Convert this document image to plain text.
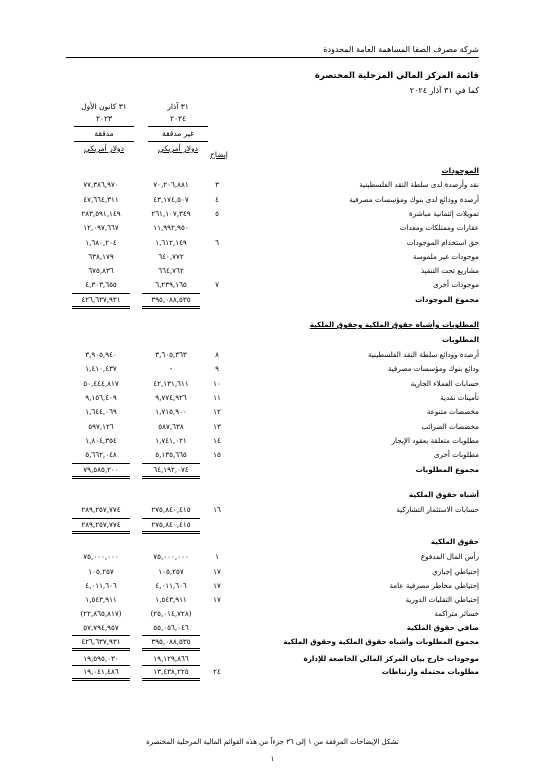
شركة مصرف الصفا المساهمة العامة المحدودة
قائمة المركز المالي المرحلية المختصرة
كما في ٣١ آذار ٢٠٢٤
٣١ آذار
٢٠٢٤
غير مدققة
دولار أمريكي
٣١ كانون الأول
٢٠٢٣
مدققة
دولار أمريكي
إيضاح
الموجودات
نقد وأرصدة لدى سلطة النقد الفلسطينية
٣
٧٠,٢٠٦,٨٨١
٧٧,٣٨٦,٩٧٠
أرصدة وودائع لدى بنوك ومؤسسات مصرفية
٤
٤٣,١٧٤,٥٠٧
٤٧,٦٦٤,٣١١
تمويلات إئتمانية مباشرة
٥
٢٦١,١٠٧,٣٤٩
٢٨٣,٥٩١,١٤٩
عقارات وممتلكات ومعدات
١١,٩٩٢,٩٥٠
١٢,٠٩٧,٦٦٧
حق استخدام الموجودات
٦
١,٦١٢,١٤٩
١,٦٨٠,٢٠٤
موجودات غير ملموسة
٦٤٠,٧٧٢
٦٣٨,١٧٩
مشاريع تحت التنفيذ
٦٦٤,٧٦٢
٦٧٥,٨٣٦
موجودات أخرى
٧
٦,٢٣٩,١٦٥
٤,٣٠٣,٦٥٥
مجموع الموجودات
٣٩٥,٠٨٨,٥٣٥
٤٢٦,٦٣٧,٩٣١
المطلوبات وأشباه حقوق الملكية وحقوق الملكية
المطلوبات
أرصدة وودائع سلطة النقد الفلسطينية
٨
٣,٦٠٥,٣٦٣
٣,٩٠٥,٩٤٠
ودائع بنوك ومؤسسات مصرفية
٩
-
١,٤١٠,٤٣٧
حسابات العملاء الجارية
١٠
٤٢,١٣١,٦١١
٥٠,٤٤٤,٨١٧
تأمينات نقدية
١١
٩,٧٧٤,٩٢٦
٩,١٥٦,٤٠٩
مخصصات متنوعة
١٢
١,٧١٥,٩٠٠
١,٦٤٤,٠٦٩
مخصصات الضرائب
١٣
٥٨٧,٦٣٨
٥٩٧,١٢٦
مطلوبات متعلقة بعقود الإيجار
١٤
١,٧٤١,٠٢١
١,٨٠٤,٣٥٤
مطلوبات أخرى
١٥
٥,١٣٥,٦٦٥
٥,٦٦٢,٠٤٨
مجموع المطلوبات
٦٤,١٩٢,٠٧٤
٧٩,٥٨٥,٢٠٠
أشباه حقوق الملكية
حسابات الاستثمار التشاركية
١٦
٢٧٥,٨٤٠,٤١٥
٢٨٩,٢٥٧,٧٧٤
٢٧٥,٨٤٠,٤١٥
٢٨٩,٢٥٧,٧٧٤
حقوق الملكية
رأس المال المدفوع
١
٧٥,٠٠٠,٠٠٠
٧٥,٠٠٠,٠٠٠
إحتياطي إجباري
١٧
١٠٥,٢٥٧
١٠٥,٢٥٧
إحتياطي مخاطر مصرفية عامة
١٧
٤,٠١١,٦٠٦
٤,٠١١,٦٠٦
إحتياطي التقلبات الدورية
١٧
١,٥٤٣,٩١١
١,٥٤٣,٩١١
خسائر متراكمة
(٢٥,٠١٤,٧٢٨)
(٢٢,٨٦٥,٨١٧)
صافي حقوق الملكية
٥٥,٠٥٦,٠٤٦
٥٧,٧٩٤,٩٥٧
مجموع المطلوبات وأشباه حقوق الملكية وحقوق الملكية
٣٩٥,٠٨٨,٥٣٥
٤٢٦,٦٣٧,٩٣١
موجودات خارج بيان المركز المالي الخاضعة للإدارة
١٩,١٢٩,٨٦٦
١٩,٥٩٥,٠٣٠
مطلوبات محتملة وارتباطات
٢٤
١٣,٤٣٨,٢٢٥
١٩,٠٤١,٤٨٦
تشكل الإيضاحات المرفقة من ١ إلى ٣٦ جزءاً من هذه القوائم المالية المرحلية المختصرة
١
